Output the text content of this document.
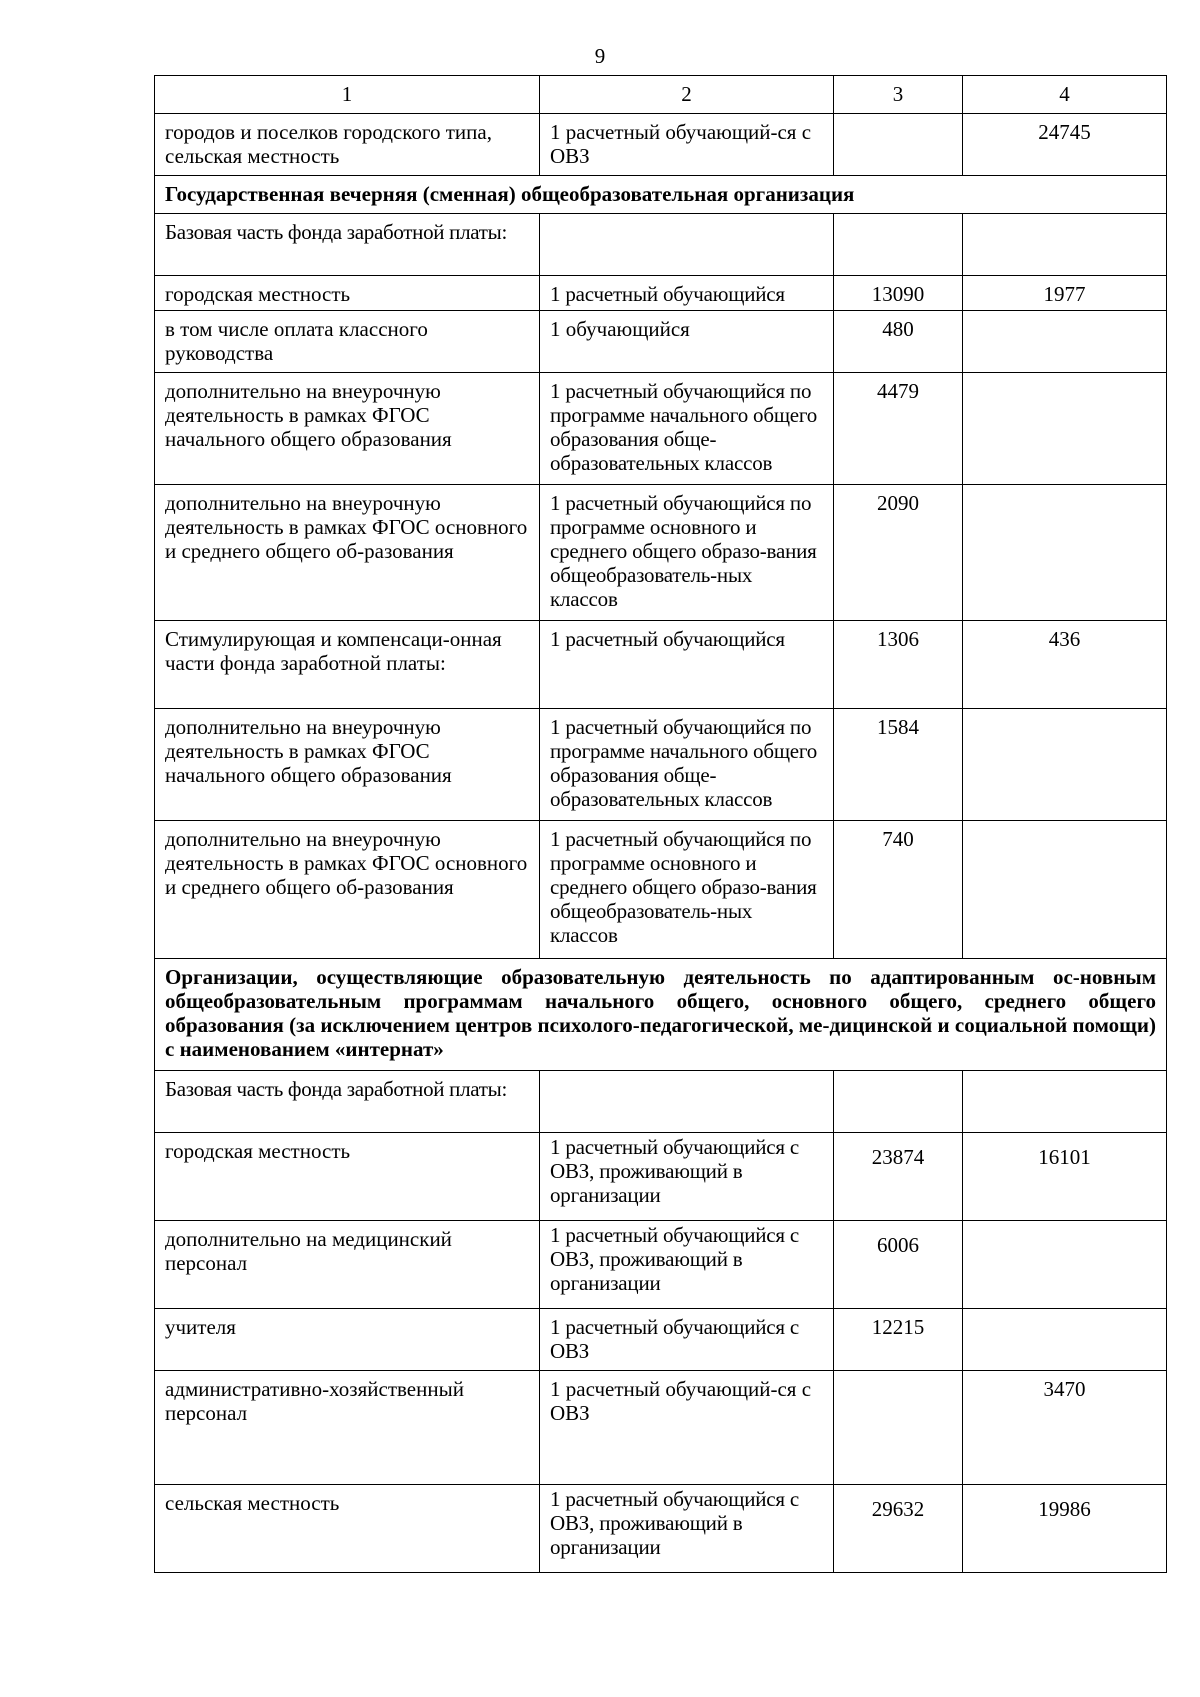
9
1	2	3	4
городов и поселков городского типа, сельская местность	1 расчетный обучающий-ся с ОВЗ		24745
Государственная вечерняя (сменная) общеобразовательная организация			
Базовая часть фонда заработной платы:			
городская местность	1 расчетный обучающийся	13090	1977
в том числе оплата классного руководства	1 обучающийся	480	
дополнительно на внеурочную деятельность в рамках ФГОС начального общего образования	1 расчетный обучающийся по программе начального общего образования обще-образовательных классов	4479	
дополнительно на внеурочную деятельность в рамках ФГОС основного и среднего общего об-разования	1 расчетный обучающийся по программе основного и среднего общего образо-вания общеобразователь-ных классов	2090	
Стимулирующая и компенсаци-онная части фонда заработной платы:	1 расчетный обучающийся	1306	436
дополнительно на внеурочную деятельность в рамках ФГОС начального общего образования	1 расчетный обучающийся по программе начального общего образования обще-образовательных классов	1584	
дополнительно на внеурочную деятельность в рамках ФГОС основного и среднего общего об-разования	1 расчетный обучающийся по программе основного и среднего общего образо-вания общеобразователь-ных классов	740	
Организации, осуществляющие образовательную деятельность по адаптированным ос-новным общеобразовательным программам начального общего, основного общего, среднего общего образования (за исключением центров психолого-педагогической, ме-дицинской и социальной помощи) с наименованием «интернат»			
Базовая часть фонда заработной платы:			
городская местность	1 расчетный обучающийся с ОВЗ, проживающий в организации	23874	16101
дополнительно на медицинский персонал	1 расчетный обучающийся с ОВЗ, проживающий в организации	6006	
учителя	1 расчетный обучающийся с ОВЗ	12215	
административно-хозяйственный персонал	1 расчетный обучающий-ся с ОВЗ		3470
сельская местность	1 расчетный обучающийся с ОВЗ, проживающий в организации	29632	19986
